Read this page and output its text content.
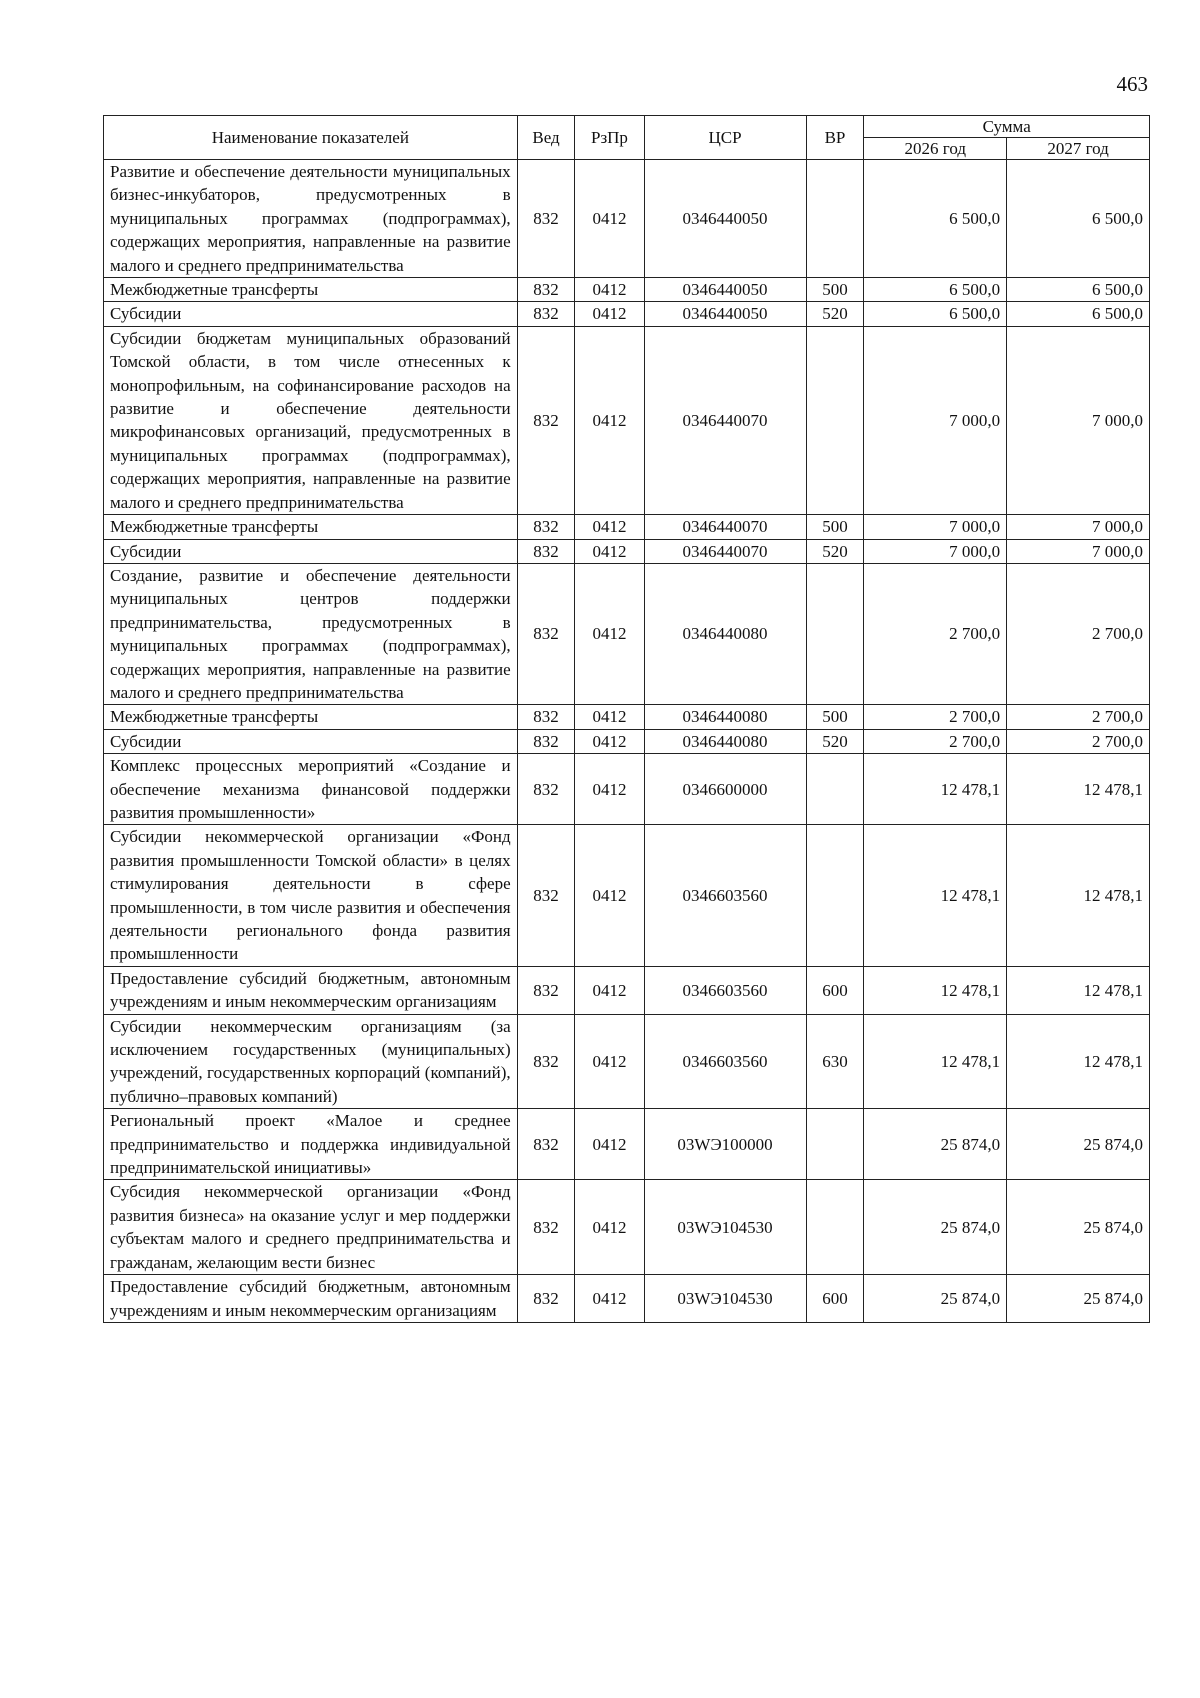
463
Наименование показателей	Вед	РзПр	ЦСР	ВР	Сумма	
					2026 год	2027 год
Развитие и обеспечение деятельности муниципальных бизнес-инкубаторов, предусмотренных в муниципальных программах (подпрограммах), содержащих мероприятия, направленные на развитие малого и среднего предпринимательства	832	0412	0346440050		6 500,0	6 500,0
Межбюджетные трансферты	832	0412	0346440050	500	6 500,0	6 500,0
Субсидии	832	0412	0346440050	520	6 500,0	6 500,0
Субсидии бюджетам муниципальных образований Томской области, в том числе отнесенных к монопрофильным, на софинансирование расходов на развитие и обеспечение деятельности микрофинансовых организаций, предусмотренных в муниципальных программах (подпрограммах), содержащих мероприятия, направленные на развитие малого и среднего предпринимательства	832	0412	0346440070		7 000,0	7 000,0
Межбюджетные трансферты	832	0412	0346440070	500	7 000,0	7 000,0
Субсидии	832	0412	0346440070	520	7 000,0	7 000,0
Создание, развитие и обеспечение деятельности муниципальных центров поддержки предпринимательства, предусмотренных в муниципальных программах (подпрограммах), содержащих мероприятия, направленные на развитие малого и среднего предпринимательства	832	0412	0346440080		2 700,0	2 700,0
Межбюджетные трансферты	832	0412	0346440080	500	2 700,0	2 700,0
Субсидии	832	0412	0346440080	520	2 700,0	2 700,0
Комплекс процессных мероприятий «Создание и обеспечение механизма финансовой поддержки развития промышленности»	832	0412	0346600000		12 478,1	12 478,1
Субсидии некоммерческой организации «Фонд развития промышленности Томской области» в целях стимулирования деятельности в сфере промышленности, в том числе развития и обеспечения деятельности регионального фонда развития промышленности	832	0412	0346603560		12 478,1	12 478,1
Предоставление субсидий бюджетным, автономным учреждениям и иным некоммерческим организациям	832	0412	0346603560	600	12 478,1	12 478,1
Субсидии некоммерческим организациям (за исключением государственных (муниципальных) учреждений, государственных корпораций (компаний), публично–правовых компаний)	832	0412	0346603560	630	12 478,1	12 478,1
Региональный проект «Малое и среднее предпринимательство и поддержка индивидуальной предпринимательской инициативы»	832	0412	03WЭ100000		25 874,0	25 874,0
Субсидия некоммерческой организации «Фонд развития бизнеса» на оказание услуг и мер поддержки субъектам малого и среднего предпринимательства и гражданам, желающим вести бизнес	832	0412	03WЭ104530		25 874,0	25 874,0
Предоставление субсидий бюджетным, автономным учреждениям и иным некоммерческим организациям	832	0412	03WЭ104530	600	25 874,0	25 874,0
